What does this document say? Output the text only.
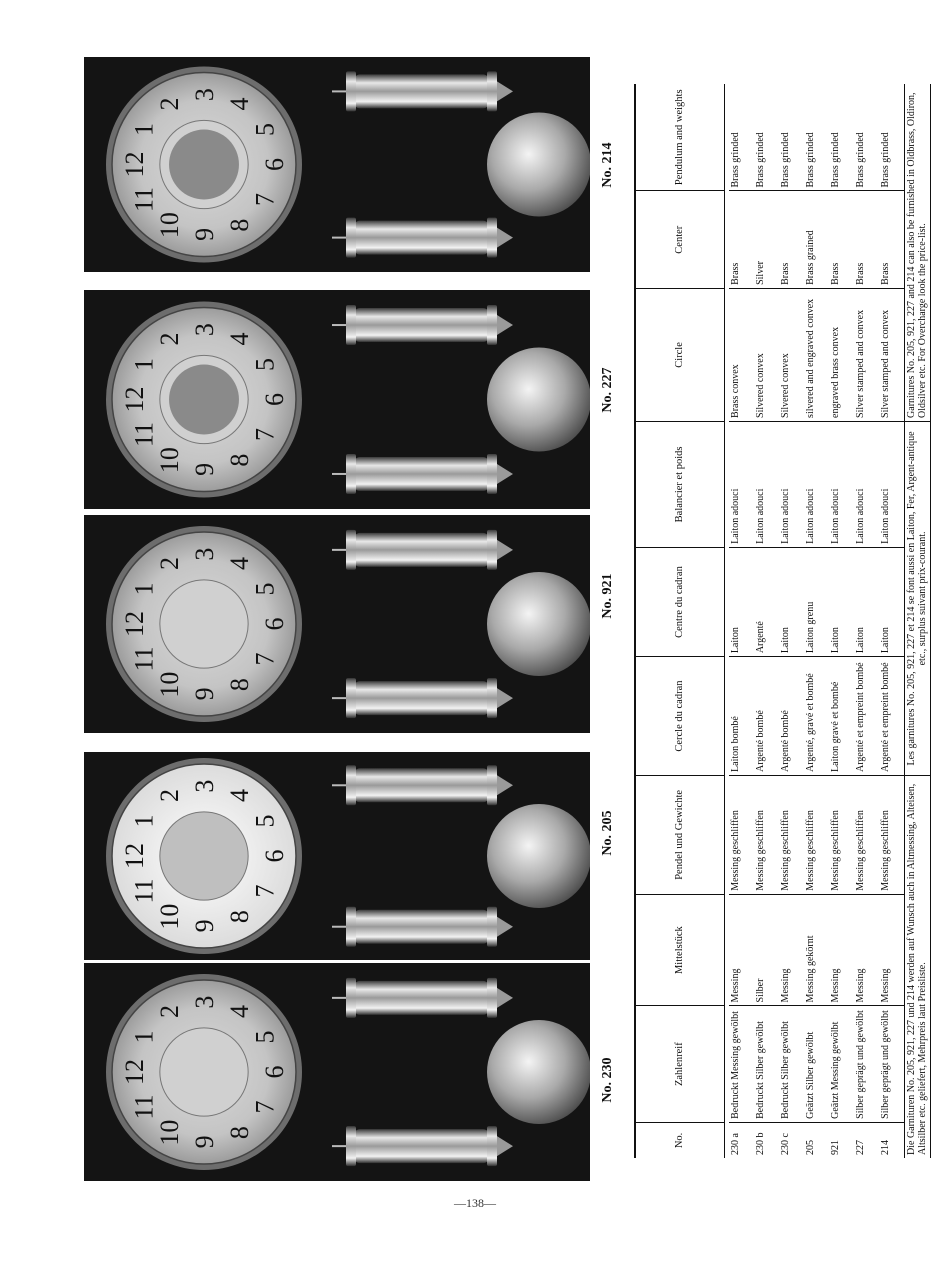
12
1
2
3
4
5
6
7
8
9
10
11
12
1
2
3
4
5
6
7
8
9
10
11
12
1
2
3
4
5
6
7
8
9
10
11
12
1
2
3
4
5
6
7
8
9
10
11
12
1
2
3
4
5
6
7
8
9
10
11
No. 230
No. 205
No. 921
No. 227
No. 214
No.	Zahlenreif	Mittelstück	Pendel und Gewichte	Cercle du cadran	Centre du cadran	Balancier et poids	Circle	Center	Pendulum and weights

230 a	Bedruckt Messing gewölbt	Messing	Messing geschliffen	Laiton bombé	Laiton	Laiton adouci	Brass convex	Brass	Brass grinded
230 b	Bedruckt Silber gewölbt	Silber	Messing geschliffen	Argenté bombé	Argenté	Laiton adouci	Silvered convex	Silver	Brass grinded
230 c	Bedruckt Silber gewölbt	Messing	Messing geschliffen	Argenté bombé	Laiton	Laiton adouci	Silvered convex	Brass	Brass grinded
205	Geätzt Silber gewölbt	Messing gekörnt	Messing geschliffen	Argenté, gravé et bombé	Laiton grenu	Laiton adouci	silvered and engraved convex	Brass grained	Brass grinded
921	Geätzt Messing gewölbt	Messing	Messing geschliffen	Laiton gravé et bombé	Laiton	Laiton adouci	engraved brass convex	Brass	Brass grinded
227	Silber geprägt und gewölbt	Messing	Messing geschliffen	Argenté et empreint bombé	Laiton	Laiton adouci	Silver stamped and convex	Brass	Brass grinded
214	Silber geprägt und gewölbt	Messing	Messing geschliffen	Argenté et empreint bombé	Laiton	Laiton adouci	Silver stamped and convex	Brass	Brass grinded
Die Garnituren No. 205, 921, 227 und 214 werden auf Wunsch auch in Altmessing, Alteisen, Altsilber etc. geliefert, Mehrpreis laut Preisliste.				Les garnitures No. 205, 921, 227 et 214 se font aussi en Laiton, Fer, Argent-antique etc., surplus suivant prix-courant.			Garnitures No. 205, 921, 227 and 214 can also be furnished in Oldbrass, Oldiron, Oldsilver etc. For Overcharge look the price-list.		
—138—
